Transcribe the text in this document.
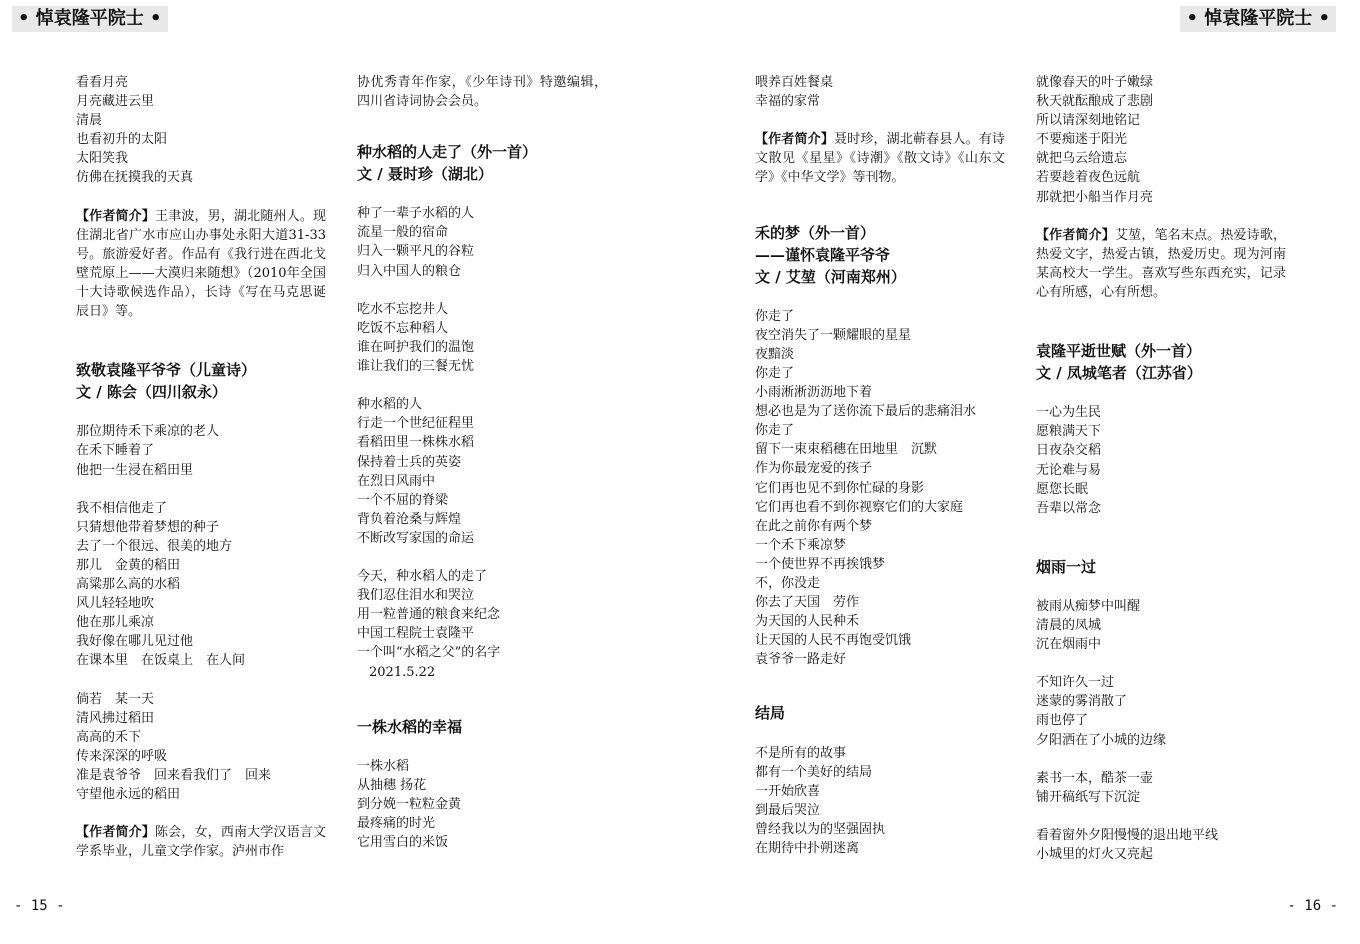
• 悼袁隆平院士 •	• 悼袁隆平院士 •
看看月亮
月亮藏进云里
清晨
也看初升的太阳
太阳笑我
仿佛在抚摸我的天真
【作者简介】王聿波，男，湖北随州人。现住湖北省广水市应山办事处永阳大道31-33号。旅游爱好者。作品有《我行进在西北戈壁荒原上——大漠归来随想》（2010年全国十大诗歌候选作品），长诗《写在马克思诞辰日》等。
致敬袁隆平爷爷（儿童诗）
文 / 陈会（四川叙永）
那位期待禾下乘凉的老人
在禾下睡着了
他把一生浸在稻田里
我不相信他走了
只猜想他带着梦想的种子
去了一个很远、很美的地方
那儿　金黄的稻田
高粱那么高的水稻
风儿轻轻地吹
他在那儿乘凉
我好像在哪儿见过他
在课本里　在饭桌上　在人间
倘若　某一天
清风拂过稻田
高高的禾下
传来深深的呼吸
准是袁爷爷　回来看我们了　回来
守望他永远的稻田
【作者简介】陈会，女，西南大学汉语言文学系毕业，儿童文学作家。泸州市作
协优秀青年作家，《少年诗刊》特邀编辑，四川省诗词协会会员。
种水稻的人走了（外一首）
文 / 聂时珍（湖北）
种了一辈子水稻的人
流星一般的宿命
归入一颗平凡的谷粒
归入中国人的粮仓
吃水不忘挖井人
吃饭不忘种稻人
谁在呵护我们的温饱
谁让我们的三餐无忧
种水稻的人
行走一个世纪征程里
看稻田里一株株水稻
保持着士兵的英姿
在烈日风雨中
一个不屈的脊梁
背负着沧桑与辉煌
不断改写家国的命运
今天，种水稻人的走了
我们忍住泪水和哭泣
用一粒普通的粮食来纪念
中国工程院士袁隆平
一个叫“水稻之父”的名字
2021.5.22
一株水稻的幸福
一株水稻
从抽穗 扬花
到分娩一粒粒金黄
最疼痛的时光
它用雪白的米饭
喂养百姓餐桌
幸福的家常
【作者简介】聂时珍，湖北蕲春县人。有诗文散见《星星》《诗潮》《散文诗》《山东文学》《中华文学》等刊物。
禾的梦（外一首）
——谨怀袁隆平爷爷
文 / 艾堃（河南郑州）
你走了
夜空消失了一颗耀眼的星星
夜黯淡
你走了
小雨淅淅沥沥地下着
想必也是为了送你流下最后的悲痛泪水
你走了
留下一束束稻穗在田地里　沉默
作为你最宠爱的孩子
它们再也见不到你忙碌的身影
它们再也看不到你视察它们的大家庭
在此之前你有两个梦
一个禾下乘凉梦
一个使世界不再挨饿梦
不，你没走
你去了天国　劳作
为天国的人民种禾
让天国的人民不再饱受饥饿
袁爷爷一路走好
结局
不是所有的故事
都有一个美好的结局
一开始欣喜
到最后哭泣
曾经我以为的坚强固执
在期待中扑朔迷离
就像春天的叶子嫩绿
秋天就酝酿成了悲剧
所以请深刻地铭记
不要痴迷于阳光
就把乌云给遗忘
若要趁着夜色远航
那就把小船当作月亮
【作者简介】艾堃，笔名末点。热爱诗歌，热爱文字，热爱古镇，热爱历史。现为河南某高校大一学生。喜欢写些东西充实，记录心有所感，心有所想。
袁隆平逝世赋（外一首）
文 / 凤城笔者（江苏省）
一心为生民
愿粮满天下
日夜杂交稻
无论难与易
愿您长眠
吾辈以常念
烟雨一过
被雨从痴梦中叫醒
清晨的凤城
沉在烟雨中
不知许久一过
迷蒙的雾消散了
雨也停了
夕阳洒在了小城的边缘
素书一本，酷茶一壶
铺开稿纸写下沉淀
看着窗外夕阳慢慢的退出地平线
小城里的灯火又亮起
- 15 -	- 16 -
